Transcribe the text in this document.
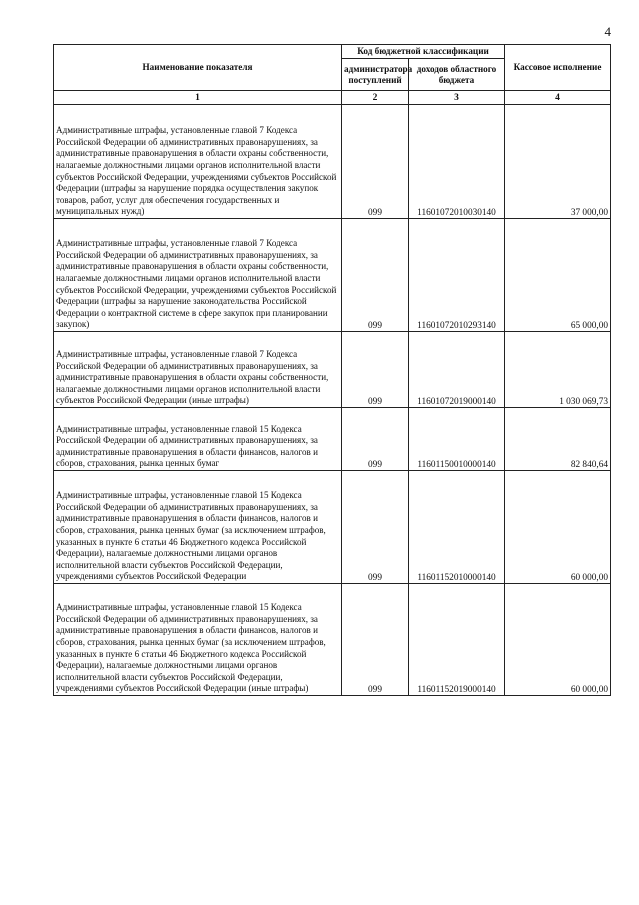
4
Наименование показателя	Код бюджетной классификации		Кассовое исполнение
	администратора поступлений	доходов областного бюджета	
1	2	3	4
Административные штрафы, установленные главой 7 Кодекса Российской Федерации об административных правонарушениях, за административные правонарушения в области охраны собственности, налагаемые должностными лицами органов исполнительной власти субъектов Российской Федерации, учреждениями субъектов Российской Федерации (штрафы за нарушение порядка осуществления закупок товаров, работ, услуг для обеспечения государственных и муниципальных нужд)	099	11601072010030140	37 000,00
Административные штрафы, установленные главой 7 Кодекса Российской Федерации об административных правонарушениях, за административные правонарушения в области охраны собственности, налагаемые должностными лицами органов исполнительной власти субъектов Российской Федерации, учреждениями субъектов Российской Федерации (штрафы за нарушение законодательства Российской Федерации о контрактной системе в сфере закупок при планировании закупок)	099	11601072010293140	65 000,00
Административные штрафы, установленные главой 7 Кодекса Российской Федерации об административных правонарушениях, за административные правонарушения в области охраны собственности, налагаемые должностными лицами органов исполнительной власти субъектов Российской Федерации (иные штрафы)	099	11601072019000140	1 030 069,73
Административные штрафы, установленные главой 15 Кодекса Российской Федерации об административных правонарушениях, за административные правонарушения в области финансов, налогов и сборов, страхования, рынка ценных бумаг	099	11601150010000140	82 840,64
Административные штрафы, установленные главой 15 Кодекса Российской Федерации об административных правонарушениях, за административные правонарушения в области финансов, налогов и сборов, страхования, рынка ценных бумаг (за исключением штрафов, указанных в пункте 6 статьи 46 Бюджетного кодекса Российской Федерации), налагаемые должностными лицами органов исполнительной власти субъектов Российской Федерации, учреждениями субъектов Российской Федерации	099	11601152010000140	60 000,00
Административные штрафы, установленные главой 15 Кодекса Российской Федерации об административных правонарушениях, за административные правонарушения в области финансов, налогов и сборов, страхования, рынка ценных бумаг (за исключением штрафов, указанных в пункте 6 статьи 46 Бюджетного кодекса Российской Федерации), налагаемые должностными лицами органов исполнительной власти субъектов Российской Федерации, учреждениями субъектов Российской Федерации (иные штрафы)	099	11601152019000140	60 000,00
